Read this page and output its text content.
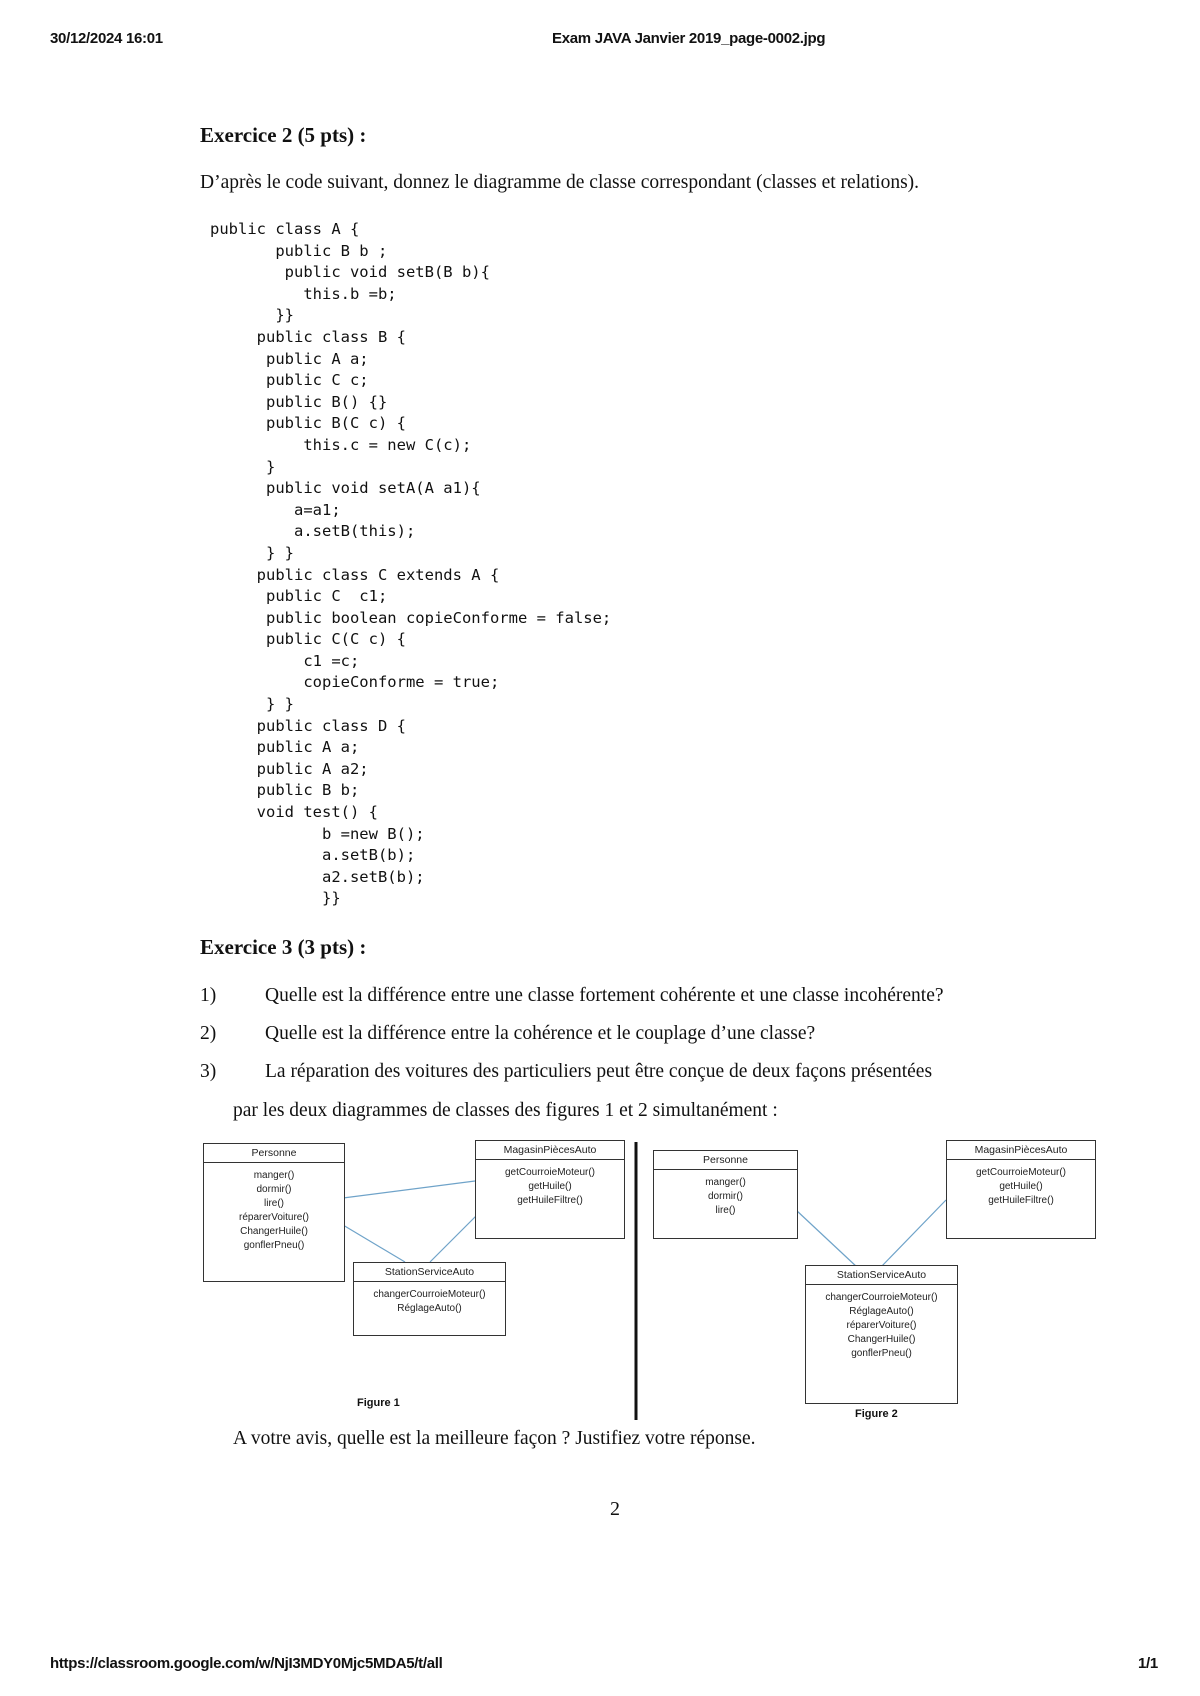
30/12/2024 16:01	Exam JAVA Janvier 2019_page-0002.jpg
Exercice 2 (5 pts) :
D’après le code suivant, donnez le diagramme de classe correspondant (classes et relations).
public class A {
public B b ;
public void setB(B b){
this.b =b;
}}
public class B {
public A a;
public C c;
public B() {}
public B(C c) {
this.c = new C(c);
}
public void setA(A a1){
a=a1;
a.setB(this);
} }
public class C extends A {
public C  c1;
public boolean copieConforme = false;
public C(C c) {
c1 =c;
copieConforme = true;
} }
public class D {
public A a;
public A a2;
public B b;
void test() {
b =new B();
a.setB(b);
a2.setB(b);
}}
Exercice 3 (3 pts) :
1)	Quelle est la différence entre une classe fortement cohérente et une classe incohérente?
2)	Quelle est la différence entre la cohérence et le couplage d’une classe?
3)	La réparation des voitures des particuliers peut être conçue de deux façons présentées
par les deux diagrammes de classes des figures 1 et 2 simultanément :
Personne
manger()
dormir()
lire()
réparerVoiture()
ChangerHuile()
gonflerPneu()
MagasinPiècesAuto
getCourroieMoteur()
getHuile()
getHuileFiltre()
StationServiceAuto
changerCourroieMoteur()
RéglageAuto()
Figure 1
Personne
manger()
dormir()
lire()
MagasinPiècesAuto
getCourroieMoteur()
getHuile()
getHuileFiltre()
StationServiceAuto
changerCourroieMoteur()
RéglageAuto()
réparerVoiture()
ChangerHuile()
gonflerPneu()
Figure 2
A votre avis, quelle est la meilleure façon ? Justifiez votre réponse.
2
https://classroom.google.com/w/NjI3MDY0Mjc5MDA5/t/all	1/1
